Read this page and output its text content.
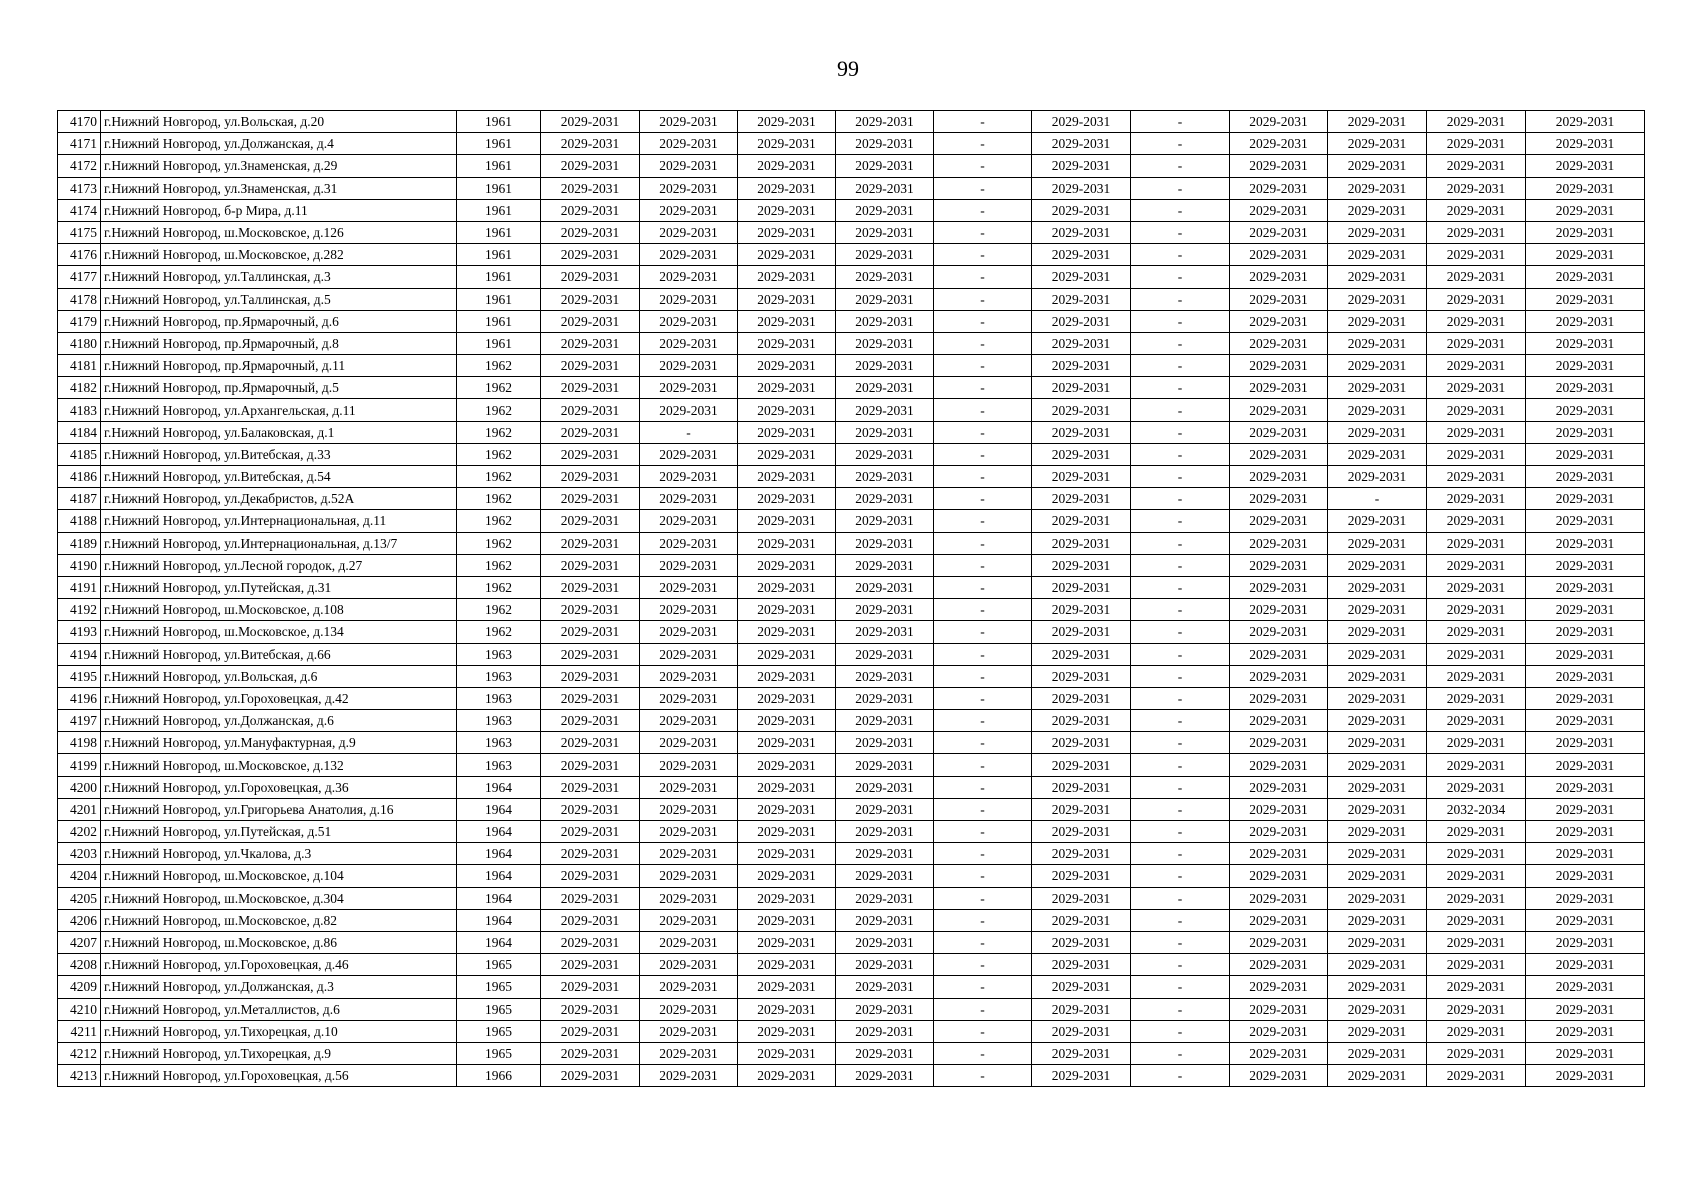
99
4170	г.Нижний Новгород, ул.Вольская, д.20	1961	2029-2031	2029-2031	2029-2031	2029-2031	-	2029-2031	-	2029-2031	2029-2031	2029-2031	2029-2031
4171	г.Нижний Новгород, ул.Должанская, д.4	1961	2029-2031	2029-2031	2029-2031	2029-2031	-	2029-2031	-	2029-2031	2029-2031	2029-2031	2029-2031
4172	г.Нижний Новгород, ул.Знаменская, д.29	1961	2029-2031	2029-2031	2029-2031	2029-2031	-	2029-2031	-	2029-2031	2029-2031	2029-2031	2029-2031
4173	г.Нижний Новгород, ул.Знаменская, д.31	1961	2029-2031	2029-2031	2029-2031	2029-2031	-	2029-2031	-	2029-2031	2029-2031	2029-2031	2029-2031
4174	г.Нижний Новгород, б-р Мира, д.11	1961	2029-2031	2029-2031	2029-2031	2029-2031	-	2029-2031	-	2029-2031	2029-2031	2029-2031	2029-2031
4175	г.Нижний Новгород, ш.Московское, д.126	1961	2029-2031	2029-2031	2029-2031	2029-2031	-	2029-2031	-	2029-2031	2029-2031	2029-2031	2029-2031
4176	г.Нижний Новгород, ш.Московское, д.282	1961	2029-2031	2029-2031	2029-2031	2029-2031	-	2029-2031	-	2029-2031	2029-2031	2029-2031	2029-2031
4177	г.Нижний Новгород, ул.Таллинская, д.3	1961	2029-2031	2029-2031	2029-2031	2029-2031	-	2029-2031	-	2029-2031	2029-2031	2029-2031	2029-2031
4178	г.Нижний Новгород, ул.Таллинская, д.5	1961	2029-2031	2029-2031	2029-2031	2029-2031	-	2029-2031	-	2029-2031	2029-2031	2029-2031	2029-2031
4179	г.Нижний Новгород, пр.Ярмарочный, д.6	1961	2029-2031	2029-2031	2029-2031	2029-2031	-	2029-2031	-	2029-2031	2029-2031	2029-2031	2029-2031
4180	г.Нижний Новгород, пр.Ярмарочный, д.8	1961	2029-2031	2029-2031	2029-2031	2029-2031	-	2029-2031	-	2029-2031	2029-2031	2029-2031	2029-2031
4181	г.Нижний Новгород, пр.Ярмарочный, д.11	1962	2029-2031	2029-2031	2029-2031	2029-2031	-	2029-2031	-	2029-2031	2029-2031	2029-2031	2029-2031
4182	г.Нижний Новгород, пр.Ярмарочный, д.5	1962	2029-2031	2029-2031	2029-2031	2029-2031	-	2029-2031	-	2029-2031	2029-2031	2029-2031	2029-2031
4183	г.Нижний Новгород, ул.Архангельская, д.11	1962	2029-2031	2029-2031	2029-2031	2029-2031	-	2029-2031	-	2029-2031	2029-2031	2029-2031	2029-2031
4184	г.Нижний Новгород, ул.Балаковская, д.1	1962	2029-2031	-	2029-2031	2029-2031	-	2029-2031	-	2029-2031	2029-2031	2029-2031	2029-2031
4185	г.Нижний Новгород, ул.Витебская, д.33	1962	2029-2031	2029-2031	2029-2031	2029-2031	-	2029-2031	-	2029-2031	2029-2031	2029-2031	2029-2031
4186	г.Нижний Новгород, ул.Витебская, д.54	1962	2029-2031	2029-2031	2029-2031	2029-2031	-	2029-2031	-	2029-2031	2029-2031	2029-2031	2029-2031
4187	г.Нижний Новгород, ул.Декабристов, д.52А	1962	2029-2031	2029-2031	2029-2031	2029-2031	-	2029-2031	-	2029-2031	-	2029-2031	2029-2031
4188	г.Нижний Новгород, ул.Интернациональная, д.11	1962	2029-2031	2029-2031	2029-2031	2029-2031	-	2029-2031	-	2029-2031	2029-2031	2029-2031	2029-2031
4189	г.Нижний Новгород, ул.Интернациональная, д.13/7	1962	2029-2031	2029-2031	2029-2031	2029-2031	-	2029-2031	-	2029-2031	2029-2031	2029-2031	2029-2031
4190	г.Нижний Новгород, ул.Лесной городок, д.27	1962	2029-2031	2029-2031	2029-2031	2029-2031	-	2029-2031	-	2029-2031	2029-2031	2029-2031	2029-2031
4191	г.Нижний Новгород, ул.Путейская, д.31	1962	2029-2031	2029-2031	2029-2031	2029-2031	-	2029-2031	-	2029-2031	2029-2031	2029-2031	2029-2031
4192	г.Нижний Новгород, ш.Московское, д.108	1962	2029-2031	2029-2031	2029-2031	2029-2031	-	2029-2031	-	2029-2031	2029-2031	2029-2031	2029-2031
4193	г.Нижний Новгород, ш.Московское, д.134	1962	2029-2031	2029-2031	2029-2031	2029-2031	-	2029-2031	-	2029-2031	2029-2031	2029-2031	2029-2031
4194	г.Нижний Новгород, ул.Витебская, д.66	1963	2029-2031	2029-2031	2029-2031	2029-2031	-	2029-2031	-	2029-2031	2029-2031	2029-2031	2029-2031
4195	г.Нижний Новгород, ул.Вольская, д.6	1963	2029-2031	2029-2031	2029-2031	2029-2031	-	2029-2031	-	2029-2031	2029-2031	2029-2031	2029-2031
4196	г.Нижний Новгород, ул.Гороховецкая, д.42	1963	2029-2031	2029-2031	2029-2031	2029-2031	-	2029-2031	-	2029-2031	2029-2031	2029-2031	2029-2031
4197	г.Нижний Новгород, ул.Должанская, д.6	1963	2029-2031	2029-2031	2029-2031	2029-2031	-	2029-2031	-	2029-2031	2029-2031	2029-2031	2029-2031
4198	г.Нижний Новгород, ул.Мануфактурная, д.9	1963	2029-2031	2029-2031	2029-2031	2029-2031	-	2029-2031	-	2029-2031	2029-2031	2029-2031	2029-2031
4199	г.Нижний Новгород, ш.Московское, д.132	1963	2029-2031	2029-2031	2029-2031	2029-2031	-	2029-2031	-	2029-2031	2029-2031	2029-2031	2029-2031
4200	г.Нижний Новгород, ул.Гороховецкая, д.36	1964	2029-2031	2029-2031	2029-2031	2029-2031	-	2029-2031	-	2029-2031	2029-2031	2029-2031	2029-2031
4201	г.Нижний Новгород, ул.Григорьева Анатолия, д.16	1964	2029-2031	2029-2031	2029-2031	2029-2031	-	2029-2031	-	2029-2031	2029-2031	2032-2034	2029-2031
4202	г.Нижний Новгород, ул.Путейская, д.51	1964	2029-2031	2029-2031	2029-2031	2029-2031	-	2029-2031	-	2029-2031	2029-2031	2029-2031	2029-2031
4203	г.Нижний Новгород, ул.Чкалова, д.3	1964	2029-2031	2029-2031	2029-2031	2029-2031	-	2029-2031	-	2029-2031	2029-2031	2029-2031	2029-2031
4204	г.Нижний Новгород, ш.Московское, д.104	1964	2029-2031	2029-2031	2029-2031	2029-2031	-	2029-2031	-	2029-2031	2029-2031	2029-2031	2029-2031
4205	г.Нижний Новгород, ш.Московское, д.304	1964	2029-2031	2029-2031	2029-2031	2029-2031	-	2029-2031	-	2029-2031	2029-2031	2029-2031	2029-2031
4206	г.Нижний Новгород, ш.Московское, д.82	1964	2029-2031	2029-2031	2029-2031	2029-2031	-	2029-2031	-	2029-2031	2029-2031	2029-2031	2029-2031
4207	г.Нижний Новгород, ш.Московское, д.86	1964	2029-2031	2029-2031	2029-2031	2029-2031	-	2029-2031	-	2029-2031	2029-2031	2029-2031	2029-2031
4208	г.Нижний Новгород, ул.Гороховецкая, д.46	1965	2029-2031	2029-2031	2029-2031	2029-2031	-	2029-2031	-	2029-2031	2029-2031	2029-2031	2029-2031
4209	г.Нижний Новгород, ул.Должанская, д.3	1965	2029-2031	2029-2031	2029-2031	2029-2031	-	2029-2031	-	2029-2031	2029-2031	2029-2031	2029-2031
4210	г.Нижний Новгород, ул.Металлистов, д.6	1965	2029-2031	2029-2031	2029-2031	2029-2031	-	2029-2031	-	2029-2031	2029-2031	2029-2031	2029-2031
4211	г.Нижний Новгород, ул.Тихорецкая, д.10	1965	2029-2031	2029-2031	2029-2031	2029-2031	-	2029-2031	-	2029-2031	2029-2031	2029-2031	2029-2031
4212	г.Нижний Новгород, ул.Тихорецкая, д.9	1965	2029-2031	2029-2031	2029-2031	2029-2031	-	2029-2031	-	2029-2031	2029-2031	2029-2031	2029-2031
4213	г.Нижний Новгород, ул.Гороховецкая, д.56	1966	2029-2031	2029-2031	2029-2031	2029-2031	-	2029-2031	-	2029-2031	2029-2031	2029-2031	2029-2031
